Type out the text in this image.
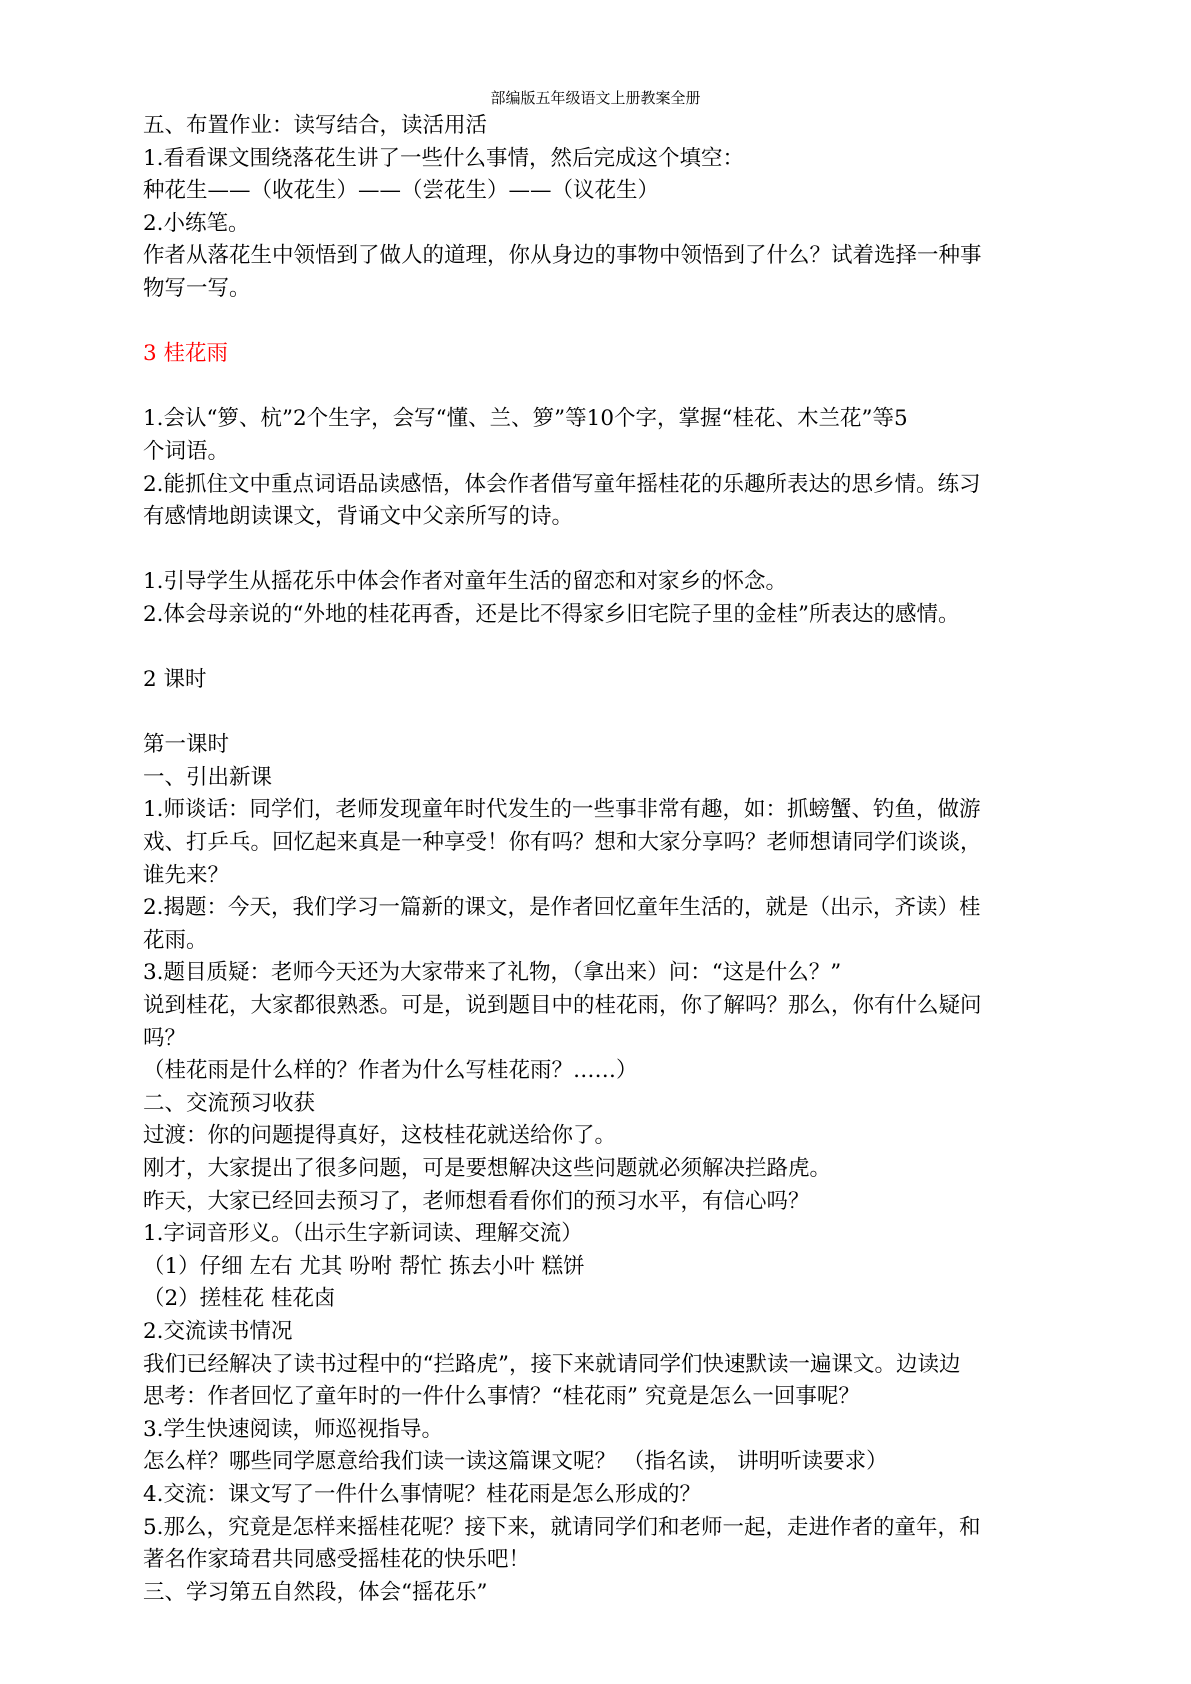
部编版五年级语文上册教案全册
五、布置作业：读写结合，读活用活
1.看看课文围绕落花生讲了一些什么事情，然后完成这个填空：
种花生——（收花生）——（尝花生）——（议花生）
2.小练笔。
作者从落花生中领悟到了做人的道理，你从身边的事物中领悟到了什么？试着选择一种事
物写一写。
3 桂花雨
1.会认“箩、杭”2个生字，会写“懂、兰、箩”等10个字，掌握“桂花、木兰花”等5
个词语。
2.能抓住文中重点词语品读感悟，体会作者借写童年摇桂花的乐趣所表达的思乡情。练习
有感情地朗读课文，背诵文中父亲所写的诗。
1.引导学生从摇花乐中体会作者对童年生活的留恋和对家乡的怀念。
2.体会母亲说的“外地的桂花再香，还是比不得家乡旧宅院子里的金桂”所表达的感情。
2 课时
第一课时
一、引出新课
1.师谈话：同学们，老师发现童年时代发生的一些事非常有趣，如：抓螃蟹、钓鱼，做游
戏、打乒乓。回忆起来真是一种享受！你有吗？想和大家分享吗？老师想请同学们谈谈，
谁先来？
2.揭题：今天，我们学习一篇新的课文，是作者回忆童年生活的，就是（出示，齐读）桂
花雨。
3.题目质疑：老师今天还为大家带来了礼物，（拿出来）问：“这是什么？”
说到桂花，大家都很熟悉。可是，说到题目中的桂花雨，你了解吗？那么，你有什么疑问
吗？
（桂花雨是什么样的？作者为什么写桂花雨？……）
二、交流预习收获
过渡：你的问题提得真好，这枝桂花就送给你了。
刚才，大家提出了很多问题，可是要想解决这些问题就必须解决拦路虎。
昨天，大家已经回去预习了，老师想看看你们的预习水平，有信心吗？
1.字词音形义。（出示生字新词读、理解交流）
（1）仔细 左右 尤其 吩咐 帮忙 拣去小叶 糕饼
（2）搓桂花 桂花卤
2.交流读书情况
我们已经解决了读书过程中的“拦路虎”，接下来就请同学们快速默读一遍课文。边读边
思考：作者回忆了童年时的一件什么事情？“桂花雨” 究竟是怎么一回事呢？
3.学生快速阅读，师巡视指导。
怎么样？哪些同学愿意给我们读一读这篇课文呢？ （指名读， 讲明听读要求）
4.交流：课文写了一件什么事情呢？桂花雨是怎么形成的？
5.那么，究竟是怎样来摇桂花呢？接下来，就请同学们和老师一起，走进作者的童年，和
著名作家琦君共同感受摇桂花的快乐吧！
三、学习第五自然段，体会“摇花乐”
